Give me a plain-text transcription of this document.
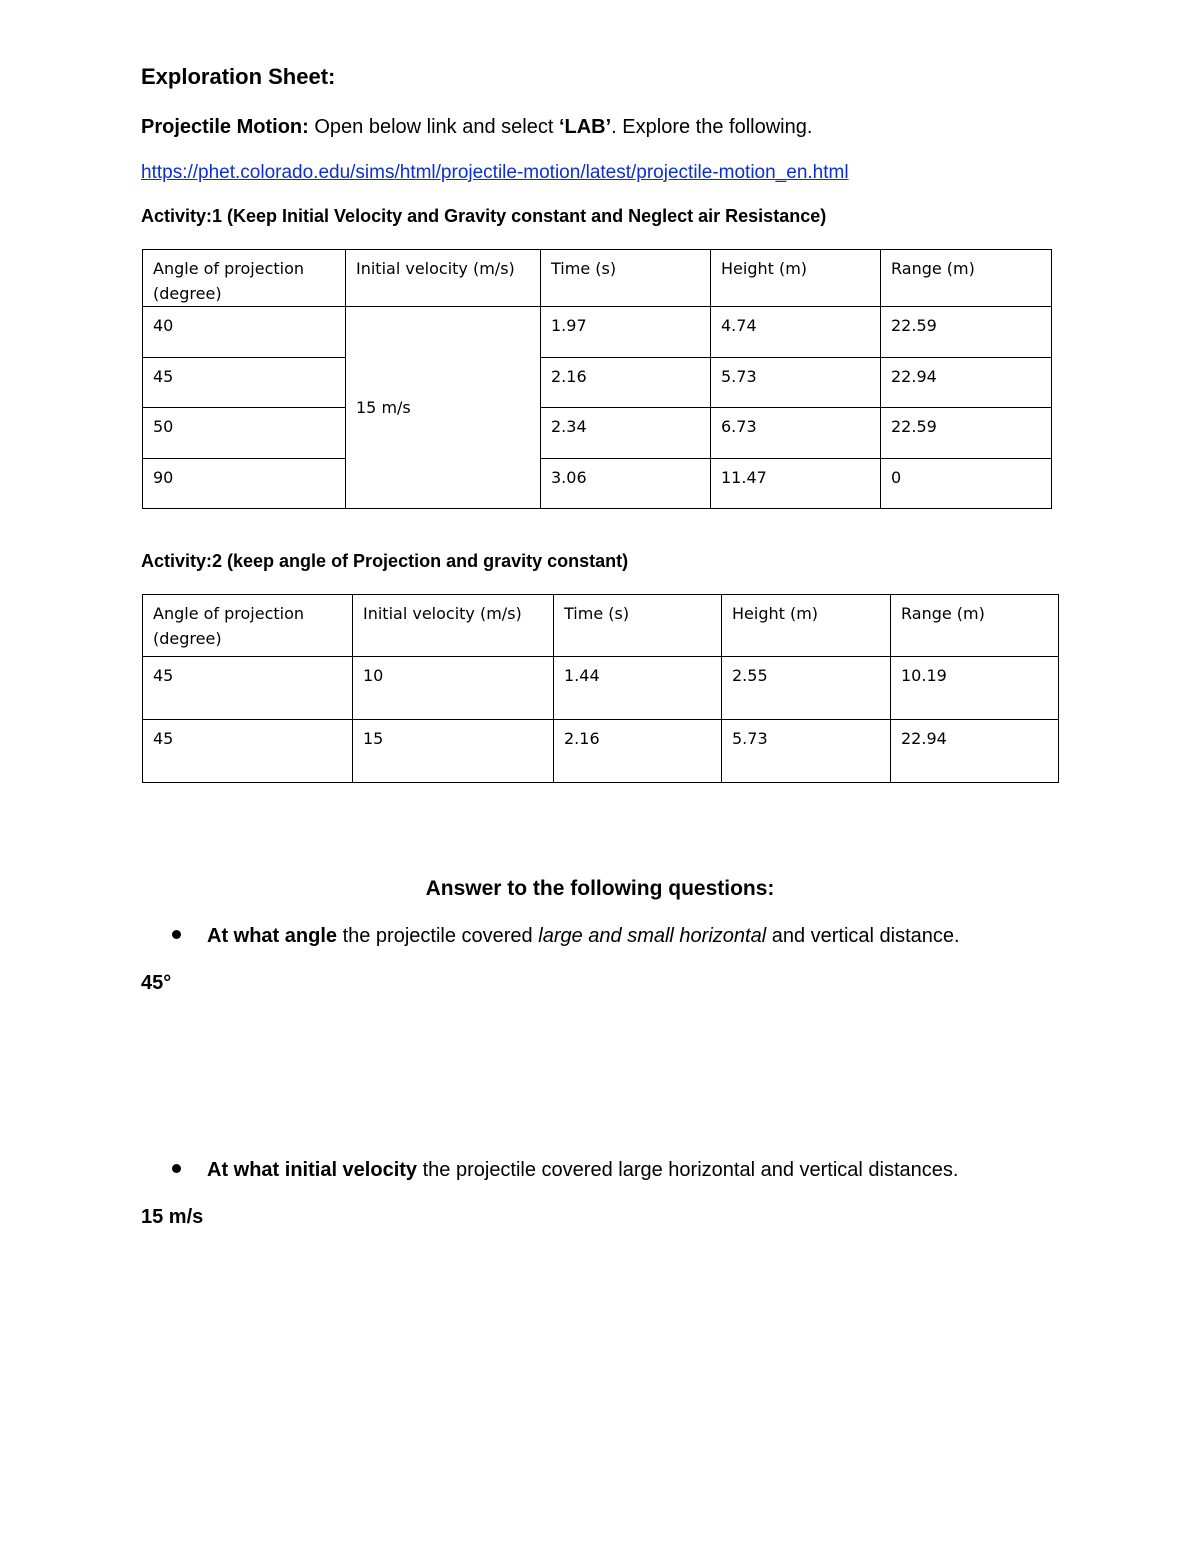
Exploration Sheet:
Projectile Motion: Open below link and select ‘LAB’. Explore the following.
https://phet.colorado.edu/sims/html/projectile-motion/latest/projectile-motion_en.html
Activity:1 (Keep Initial Velocity and Gravity constant and Neglect air Resistance)
Angle of projection (degree)	Initial velocity (m/s)	Time (s)	Height (m)	Range (m)
40	15 m/s	1.97	4.74	22.59
45		2.16	5.73	22.94
50		2.34	6.73	22.59
90		3.06	11.47	0
Activity:2 (keep angle of Projection and gravity constant)
Angle of projection (degree)	Initial velocity (m/s)	Time (s)	Height (m)	Range (m)
45	10	1.44	2.55	10.19
45	15	2.16	5.73	22.94
Answer to the following questions:
At what angle the projectile covered large and small horizontal and vertical distance.
45°
At what initial velocity the projectile covered large horizontal and vertical distances.
15 m/s
